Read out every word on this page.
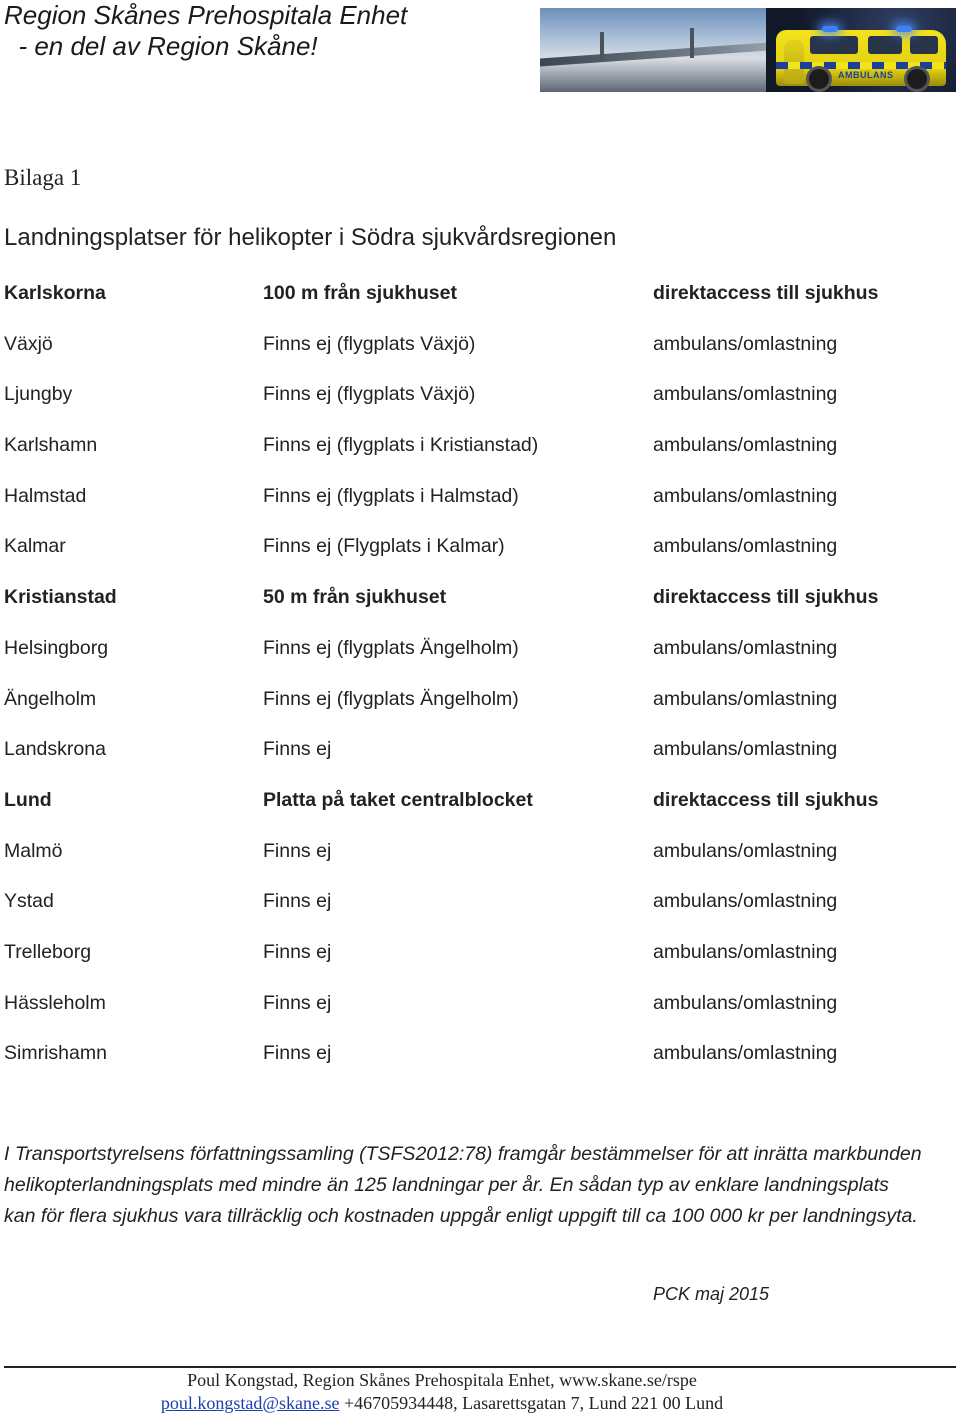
Region Skånes Prehospitala Enhet
- en del av Region Skåne!
AMBULANS
Bilaga 1
Landningsplatser för helikopter i Södra sjukvårdsregionen
Karlskorna	100 m från sjukhuset	direktaccess till sjukhus
Växjö	Finns ej (flygplats Växjö)	ambulans/omlastning
Ljungby	Finns ej (flygplats Växjö)	ambulans/omlastning
Karlshamn	Finns ej (flygplats i Kristianstad)	ambulans/omlastning
Halmstad	Finns ej (flygplats i Halmstad)	ambulans/omlastning
Kalmar	Finns ej (Flygplats i Kalmar)	ambulans/omlastning
Kristianstad	50 m från sjukhuset	direktaccess till sjukhus
Helsingborg	Finns ej (flygplats Ängelholm)	ambulans/omlastning
Ängelholm	Finns ej (flygplats Ängelholm)	ambulans/omlastning
Landskrona	Finns ej	ambulans/omlastning
Lund	Platta på taket centralblocket	direktaccess till sjukhus
Malmö	Finns ej	ambulans/omlastning
Ystad	Finns ej	ambulans/omlastning
Trelleborg	Finns ej	ambulans/omlastning
Hässleholm	Finns ej	ambulans/omlastning
Simrishamn	Finns ej	ambulans/omlastning
I Transportstyrelsens författningssamling (TSFS2012:78) framgår bestämmelser för att inrätta markbunden helikopterlandningsplats med mindre än 125 landningar per år. En sådan typ av enklare landningsplats kan för flera sjukhus vara tillräcklig och kostnaden uppgår enligt uppgift till ca 100 000 kr per landningsyta.
PCK maj 2015
Poul Kongstad, Region Skånes Prehospitala Enhet, www.skane.se/rspe
poul.kongstad@skane.se +46705934448, Lasarettsgatan 7, Lund 221 00 Lund
